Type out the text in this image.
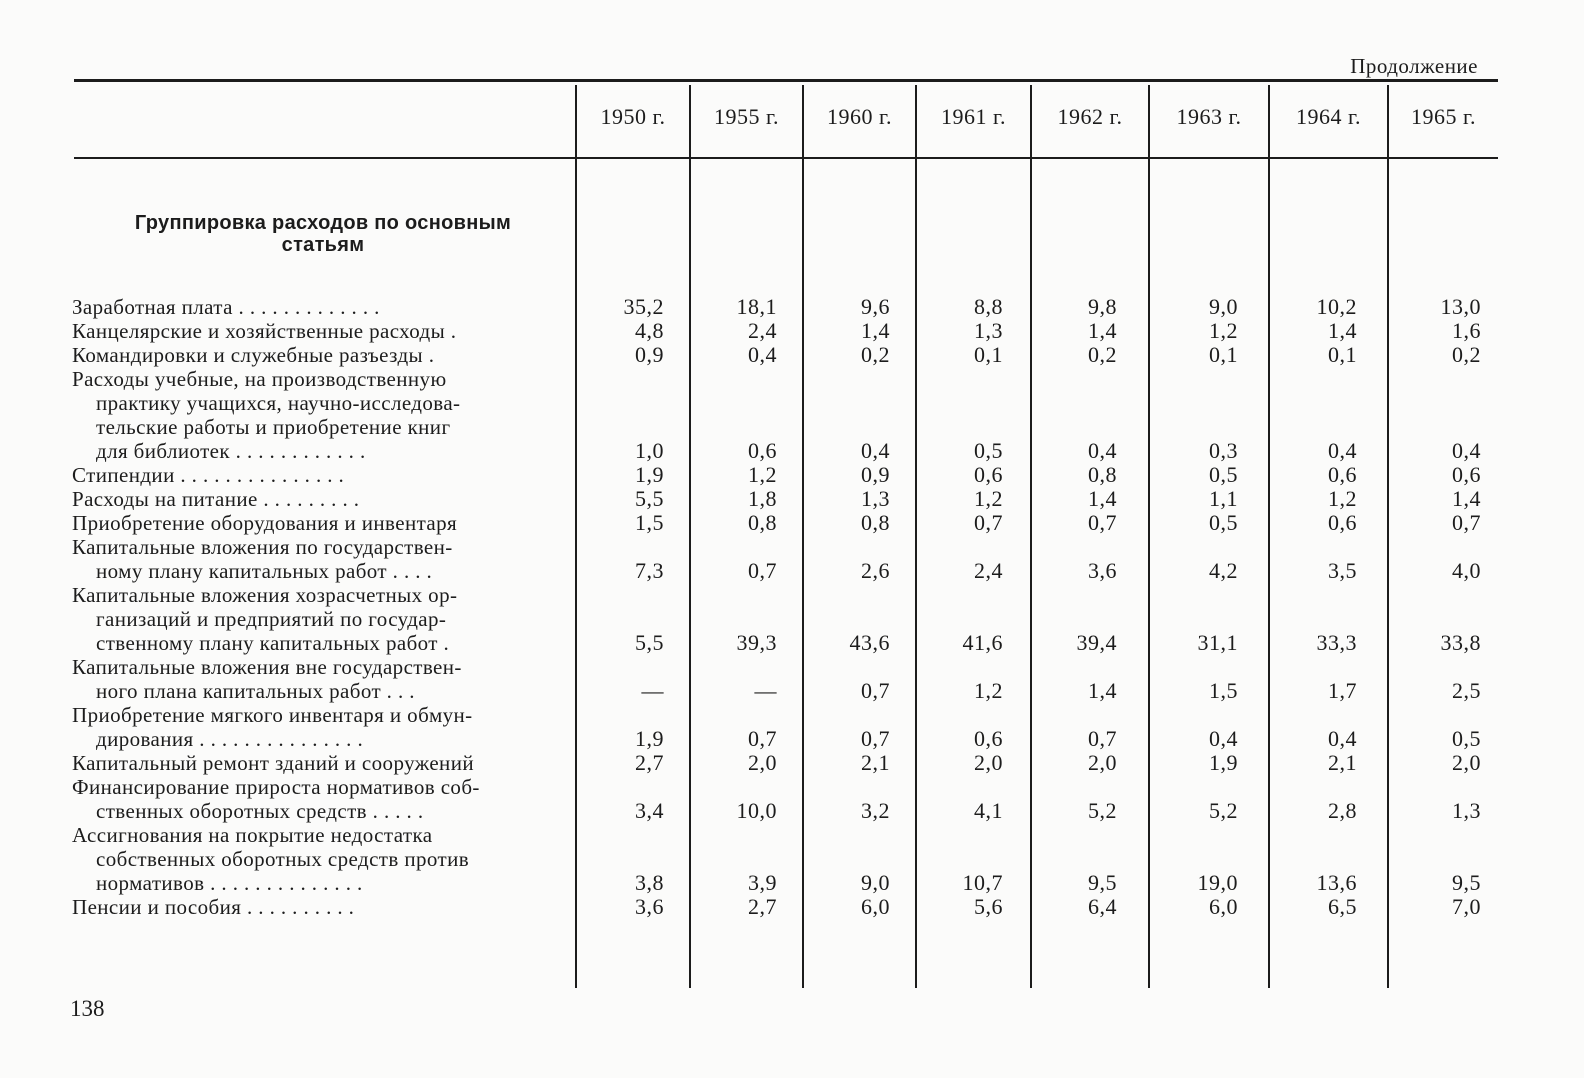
Продолжение
1950 г.	1955 г.	1960 г.	1961 г.	1962 г.	1963 г.	1964 г.	1965 г.
Группировка расходов по основным статьям
Заработная плата . . . . . . . . . . . . .	35,2	18,1	9,6	8,8	9,8	9,0	10,2	13,0
Канцелярские и хозяйственные расходы .	4,8	2,4	1,4	1,3	1,4	1,2	1,4	1,6
Командировки и служебные разъезды .	0,9	0,4	0,2	0,1	0,2	0,1	0,1	0,2
Расходы учебные, на производственную
практику учащихся, научно-исследова-
тельские работы и приобретение книг
для библиотек . . . . . . . . . . . .	1,0	0,6	0,4	0,5	0,4	0,3	0,4	0,4
Стипендии . . . . . . . . . . . . . . .	1,9	1,2	0,9	0,6	0,8	0,5	0,6	0,6
Расходы на питание . . . . . . . . .	5,5	1,8	1,3	1,2	1,4	1,1	1,2	1,4
Приобретение оборудования и инвентаря	1,5	0,8	0,8	0,7	0,7	0,5	0,6	0,7
Капитальные вложения по государствен-
ному плану капитальных работ . . . .	7,3	0,7	2,6	2,4	3,6	4,2	3,5	4,0
Капитальные вложения хозрасчетных ор-
ганизаций и предприятий по государ-
ственному плану капитальных работ .	5,5	39,3	43,6	41,6	39,4	31,1	33,3	33,8
Капитальные вложения вне государствен-
ного плана капитальных работ . . .	—	—	0,7	1,2	1,4	1,5	1,7	2,5
Приобретение мягкого инвентаря и обмун-
дирования . . . . . . . . . . . . . . .	1,9	0,7	0,7	0,6	0,7	0,4	0,4	0,5
Капитальный ремонт зданий и сооружений	2,7	2,0	2,1	2,0	2,0	1,9	2,1	2,0
Финансирование прироста нормативов соб-
ственных оборотных средств . . . . .	3,4	10,0	3,2	4,1	5,2	5,2	2,8	1,3
Ассигнования на покрытие недостатка
собственных оборотных средств против
нормативов . . . . . . . . . . . . . .	3,8	3,9	9,0	10,7	9,5	19,0	13,6	9,5
Пенсии и пособия . . . . . . . . . .	3,6	2,7	6,0	5,6	6,4	6,0	6,5	7,0
138
